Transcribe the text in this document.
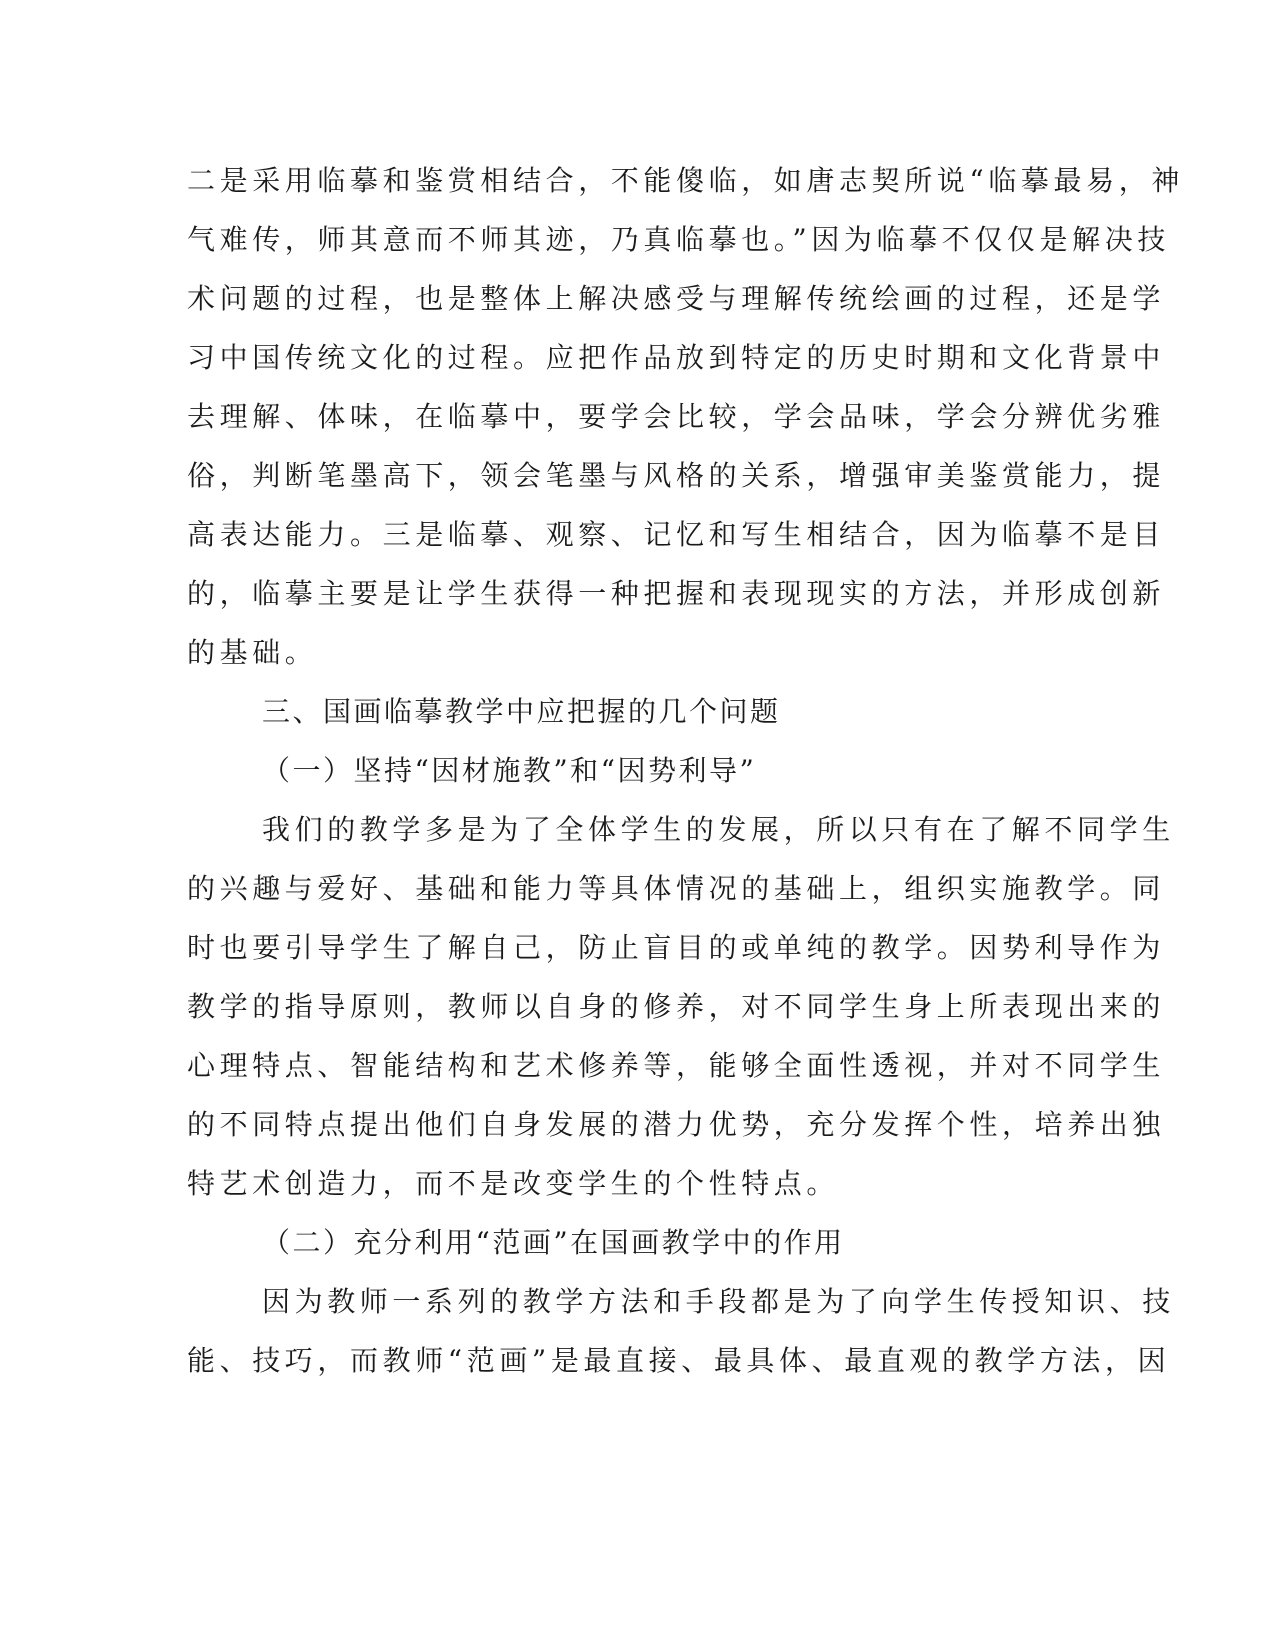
二是采用临摹和鉴赏相结合，不能傻临，如唐志契所说“临摹最易，神
气难传，师其意而不师其迹，乃真临摹也。”因为临摹不仅仅是解决技
术问题的过程，也是整体上解决感受与理解传统绘画的过程，还是学
习中国传统文化的过程。应把作品放到特定的历史时期和文化背景中
去理解、体味，在临摹中，要学会比较，学会品味，学会分辨优劣雅
俗，判断笔墨高下，领会笔墨与风格的关系，增强审美鉴赏能力，提
高表达能力。三是临摹、观察、记忆和写生相结合，因为临摹不是目
的，临摹主要是让学生获得一种把握和表现现实的方法，并形成创新
的基础。
三、国画临摹教学中应把握的几个问题
（一）坚持“因材施教”和“因势利导”
我们的教学多是为了全体学生的发展，所以只有在了解不同学生
的兴趣与爱好、基础和能力等具体情况的基础上，组织实施教学。同
时也要引导学生了解自己，防止盲目的或单纯的教学。因势利导作为
教学的指导原则，教师以自身的修养，对不同学生身上所表现出来的
心理特点、智能结构和艺术修养等，能够全面性透视，并对不同学生
的不同特点提出他们自身发展的潜力优势，充分发挥个性，培养出独
特艺术创造力，而不是改变学生的个性特点。
（二）充分利用“范画”在国画教学中的作用
因为教师一系列的教学方法和手段都是为了向学生传授知识、技
能、技巧，而教师“范画”是最直接、最具体、最直观的教学方法，因
